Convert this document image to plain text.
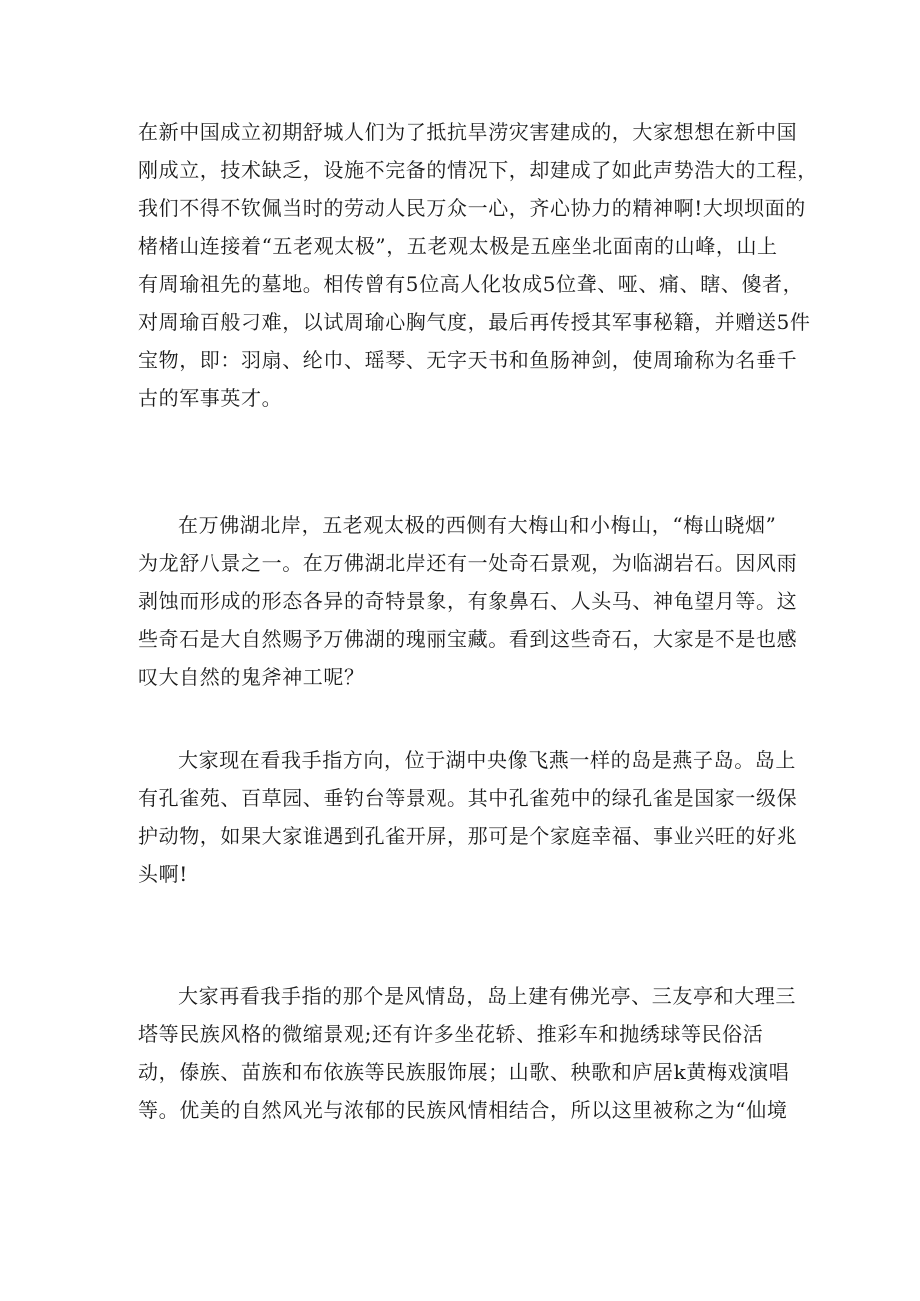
在新中国成立初期舒城人们为了抵抗旱涝灾害建成的，大家想想在新中国
刚成立，技术缺乏，设施不完备的情况下，却建成了如此声势浩大的工程，
我们不得不钦佩当时的劳动人民万众一心，齐心协力的精神啊!大坝坝面的
楮楮山连接着“五老观太极”，五老观太极是五座坐北面南的山峰，山上
有周瑜祖先的墓地。相传曾有5位高人化妆成5位聋、哑、痛、瞎、傻者，
对周瑜百般刁难，以试周瑜心胸气度，最后再传授其军事秘籍，并赠送5件
宝物，即：羽扇、纶巾、瑶琴、无字天书和鱼肠神剑，使周瑜称为名垂千
古的军事英才。
在万佛湖北岸，五老观太极的西侧有大梅山和小梅山，“梅山晓烟”
为龙舒八景之一。在万佛湖北岸还有一处奇石景观，为临湖岩石。因风雨
剥蚀而形成的形态各异的奇特景象，有象鼻石、人头马、神龟望月等。这
些奇石是大自然赐予万佛湖的瑰丽宝藏。看到这些奇石，大家是不是也感
叹大自然的鬼斧神工呢？
大家现在看我手指方向，位于湖中央像飞燕一样的岛是燕子岛。岛上
有孔雀苑、百草园、垂钓台等景观。其中孔雀苑中的绿孔雀是国家一级保
护动物，如果大家谁遇到孔雀开屏，那可是个家庭幸福、事业兴旺的好兆
头啊!
大家再看我手指的那个是风情岛，岛上建有佛光亭、三友亭和大理三
塔等民族风格的微缩景观;还有许多坐花轿、推彩车和抛绣球等民俗活
动，傣族、苗族和布依族等民族服饰展；山歌、秧歌和庐居k黄梅戏演唱
等。优美的自然风光与浓郁的民族风情相结合，所以这里被称之为“仙境
